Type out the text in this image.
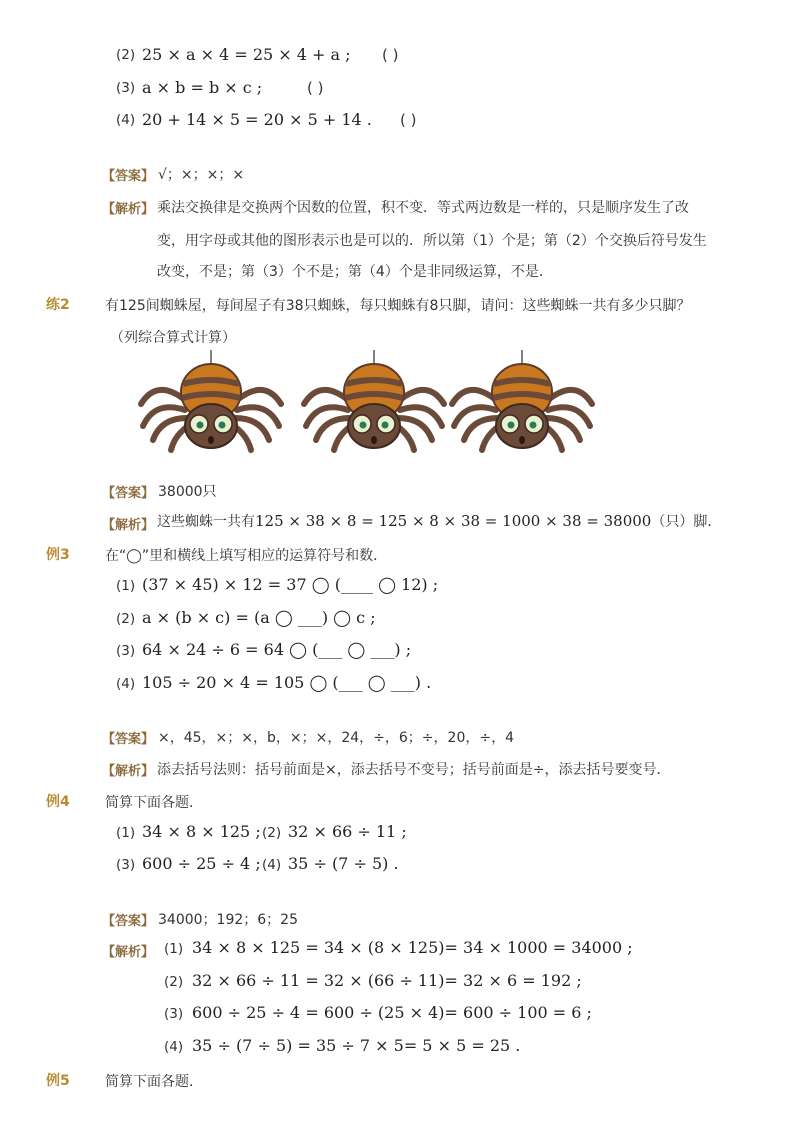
(2) 25 × a × 4 = 25 × 4 + a ; ( )
(3) a × b = b × c ;	( )
(4) 20 + 14 × 5 = 20 × 5 + 14 . ( )
【答案】 √；×；×；×
【解析】 乘法交换律是交换两个因数的位置，积不变．等式两边数是一样的，只是顺序发生了改
变，用字母或其他的图形表示也是可以的．所以第（1）个是；第（2）个交换后符号发生
改变，不是；第（3）个不是；第（4）个是非同级运算，不是．
练2	有125间蜘蛛屋，每间屋子有38只蜘蛛，每只蜘蛛有8只脚，请问：这些蜘蛛一共有多少只脚？
（列综合算式计算）
【答案】 38000只
【解析】 这些蜘蛛一共有125 × 38 × 8 = 125 × 8 × 38 = 1000 × 38 = 38000（只）脚．
例3	在“◯”里和横线上填写相应的运算符号和数．
(1) (37 × 45) × 12 = 37 ◯ (____ ◯ 12) ;
(2) a × (b × c) = (a ◯ ___) ◯ c ;
(3) 64 × 24 ÷ 6 = 64 ◯ (___ ◯ ___) ;
(4) 105 ÷ 20 × 4 = 105 ◯ (___ ◯ ___) .
【答案】 ×，45，×；×，b，×；×，24，÷，6；÷，20，÷，4
【解析】 添去括号法则：括号前面是×，添去括号不变号；括号前面是÷，添去括号要变号．
例4	简算下面各题．
(1) 34 × 8 × 125 ; (2) 32 × 66 ÷ 11 ;
(3) 600 ÷ 25 ÷ 4 ; (4) 35 ÷ (7 ÷ 5) .
【答案】 34000；192；6；25
【解析】 (1) 34 × 8 × 125 = 34 × (8 × 125)= 34 × 1000 = 34000 ;
(2) 32 × 66 ÷ 11 = 32 × (66 ÷ 11)= 32 × 6 = 192 ;
(3) 600 ÷ 25 ÷ 4 = 600 ÷ (25 × 4)= 600 ÷ 100 = 6 ;
(4) 35 ÷ (7 ÷ 5) = 35 ÷ 7 × 5= 5 × 5 = 25 .
例5	简算下面各题．
